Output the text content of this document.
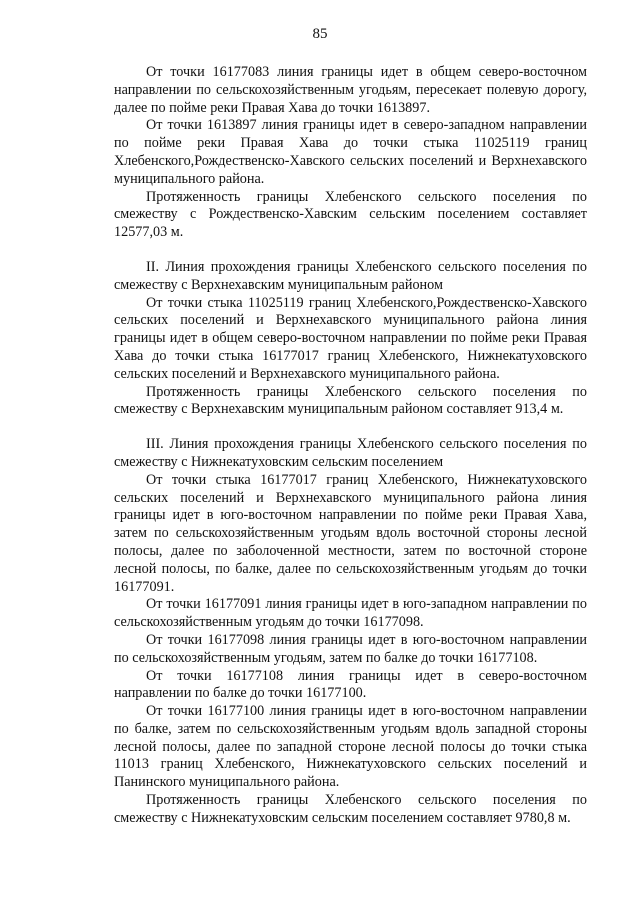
85

От точки 16177083 линия границы идет в общем северо-восточном направлении по сельскохозяйственным угодьям, пересекает полевую дорогу, далее по пойме реки Правая Хава до точки 1613897.

От точки 1613897 линия границы идет в северо-западном направлении по пойме реки Правая Хава до точки стыка 11025119 границ Хлебенского,Рождественско-Хавского сельских поселений и Верхнехавского муниципального района.

Протяженность границы Хлебенского сельского поселения по смежеству с Рождественско-Хавским сельским поселением составляет 12577,03 м.

II. Линия прохождения границы Хлебенского сельского поселения по смежеству с Верхнехавским муниципальным районом

От точки стыка 11025119 границ Хлебенского,Рождественско-Хавского сельских поселений и Верхнехавского муниципального района линия границы идет в общем северо-восточном направлении по пойме реки Правая Хава до точки стыка 16177017 границ Хлебенского, Нижнекатуховского сельских поселений и Верхнехавского муниципального района.

Протяженность границы Хлебенского сельского поселения по смежеству с Верхнехавским муниципальным районом составляет 913,4 м.

III. Линия прохождения границы Хлебенского сельского поселения по смежеству с Нижнекатуховским сельским поселением

От точки стыка 16177017 границ Хлебенского, Нижнекатуховского сельских поселений и Верхнехавского муниципального района линия границы идет в юго-восточном направлении по пойме реки Правая Хава, затем по сельскохозяйственным угодьям вдоль восточной стороны лесной полосы, далее по заболоченной местности, затем по восточной стороне лесной полосы, по балке, далее по сельскохозяйственным угодьям до точки 16177091.

От точки 16177091 линия границы идет в юго-западном направлении по сельскохозяйственным угодьям до точки 16177098.

От точки 16177098 линия границы идет в юго-восточном направлении по сельскохозяйственным угодьям, затем по балке до точки 16177108.

От точки 16177108 линия границы идет в северо-восточном направлении по балке до точки 16177100.

От точки 16177100 линия границы идет в юго-восточном направлении по балке, затем по сельскохозяйственным угодьям вдоль западной стороны лесной полосы, далее по западной стороне лесной полосы до точки стыка 11013 границ Хлебенского, Нижнекатуховского сельских поселений и Панинского муниципального района.

Протяженность границы Хлебенского сельского поселения по смежеству с Нижнекатуховским сельским поселением составляет 9780,8 м.
